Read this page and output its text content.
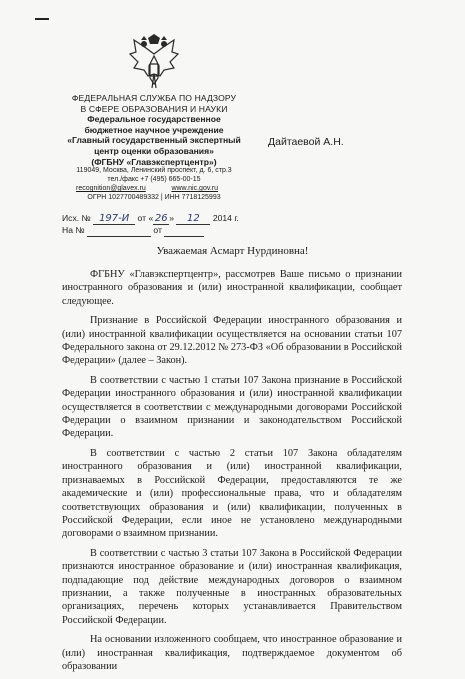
ФЕДЕРАЛЬНАЯ СЛУЖБА ПО НАДЗОРУ
В СФЕРЕ ОБРАЗОВАНИЯ И НАУКИ
Федеральное государственное
бюджетное научное учреждение
«Главный государственный экспертный
центр оценки образования»
(ФГБНУ «Главэкспертцентр»)
119049, Москва, Ленинский проспект, д. 6, стр.3
тел./факс +7 (495) 665-00-15
recognition@glavex.ru	www.nic.gov.ru
ОГРН 1027700489332 | ИНН 7718125993
Дайтаевой А.Н.
Исх. № 197-И от « 26 » 12 2014 г.
На №	от
Уважаемая Асмарт Нурдиновна!

ФГБНУ «Главэкспертцентр», рассмотрев Ваше письмо о признании иностранного образования и (или) иностранной квалификации, сообщает следующее.

Признание в Российской Федерации иностранного образования и (или) иностранной квалификации осуществляется на основании статьи 107 Федерального закона от 29.12.2012 № 273-ФЗ «Об образовании в Российской Федерации» (далее – Закон).

В соответствии с частью 1 статьи 107 Закона признание в Российской Федерации иностранного образования и (или) иностранной квалификации осуществляется в соответствии с международными договорами Российской Федерации о взаимном признании и законодательством Российской Федерации.

В соответствии с частью 2 статьи 107 Закона обладателям иностранного образования и (или) иностранной квалификации, признаваемых в Российской Федерации, предоставляются те же академические и (или) профессиональные права, что и обладателям соответствующих образования и (или) квалификации, полученных в Российской Федерации, если иное не установлено международными договорами о взаимном признании.

В соответствии с частью 3 статьи 107 Закона в Российской Федерации признаются иностранное образование и (или) иностранная квалификация, подпадающие под действие международных договоров о взаимном признании, а также полученные в иностранных образовательных организациях, перечень которых устанавливается Правительством Российской Федерации.

На основании изложенного сообщаем, что иностранное образование и (или) иностранная квалификация, подтверждаемое документом об образовании
